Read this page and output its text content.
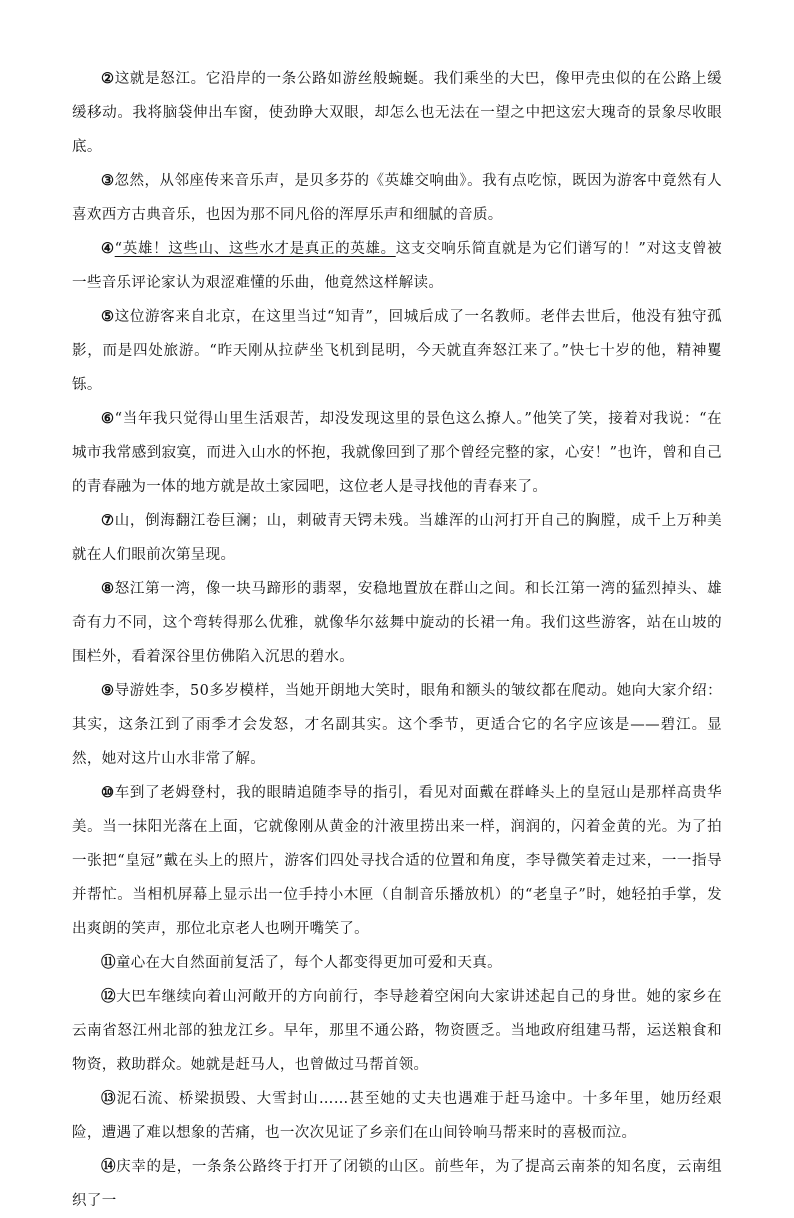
②这就是怒江。它沿岸的一条公路如游丝般蜿蜒。我们乘坐的大巴，像甲壳虫似的在公路上缓缓移动。我将脑袋伸出车窗，使劲睁大双眼，却怎么也无法在一望之中把这宏大瑰奇的景象尽收眼底。

③忽然，从邻座传来音乐声，是贝多芬的《英雄交响曲》。我有点吃惊，既因为游客中竟然有人喜欢西方古典音乐，也因为那不同凡俗的浑厚乐声和细腻的音质。

④“英雄！这些山、这些水才是真正的英雄。这支交响乐简直就是为它们谱写的！”对这支曾被一些音乐评论家认为艰涩难懂的乐曲，他竟然这样解读。

⑤这位游客来自北京，在这里当过“知青”，回城后成了一名教师。老伴去世后，他没有独守孤影，而是四处旅游。“昨天刚从拉萨坐飞机到昆明，今天就直奔怒江来了。”快七十岁的他，精神矍铄。

⑥“当年我只觉得山里生活艰苦，却没发现这里的景色这么撩人。”他笑了笑，接着对我说：“在城市我常感到寂寞，而进入山水的怀抱，我就像回到了那个曾经完整的家，心安！”也许，曾和自己的青春融为一体的地方就是故土家园吧，这位老人是寻找他的青春来了。

⑦山，倒海翻江卷巨澜；山，刺破青天锷未残。当雄浑的山河打开自己的胸膛，成千上万种美就在人们眼前次第呈现。

⑧怒江第一湾，像一块马蹄形的翡翠，安稳地置放在群山之间。和长江第一湾的猛烈掉头、雄奇有力不同，这个弯转得那么优雅，就像华尔兹舞中旋动的长裙一角。我们这些游客，站在山坡的围栏外，看着深谷里仿佛陷入沉思的碧水。

⑨导游姓李，50多岁模样，当她开朗地大笑时，眼角和额头的皱纹都在爬动。她向大家介绍：其实，这条江到了雨季才会发怒，才名副其实。这个季节，更适合它的名字应该是——碧江。显然，她对这片山水非常了解。

⑩车到了老姆登村，我的眼睛追随李导的指引，看见对面戴在群峰头上的皇冠山是那样高贵华美。当一抹阳光落在上面，它就像刚从黄金的汁液里捞出来一样，润润的，闪着金黄的光。为了拍一张把“皇冠”戴在头上的照片，游客们四处寻找合适的位置和角度，李导微笑着走过来，一一指导并帮忙。当相机屏幕上显示出一位手持小木匣（自制音乐播放机）的“老皇子”时，她轻拍手掌，发出爽朗的笑声，那位北京老人也咧开嘴笑了。

⑪童心在大自然面前复活了，每个人都变得更加可爱和天真。

⑫大巴车继续向着山河敞开的方向前行，李导趁着空闲向大家讲述起自己的身世。她的家乡在云南省怒江州北部的独龙江乡。早年，那里不通公路，物资匮乏。当地政府组建马帮，运送粮食和物资，救助群众。她就是赶马人，也曾做过马帮首领。

⑬泥石流、桥梁损毁、大雪封山……甚至她的丈夫也遇难于赶马途中。十多年里，她历经艰险，遭遇了难以想象的苦痛，也一次次见证了乡亲们在山间铃响马帮来时的喜极而泣。

⑭庆幸的是，一条条公路终于打开了闭锁的山区。前些年，为了提高云南茶的知名度，云南组织了一
